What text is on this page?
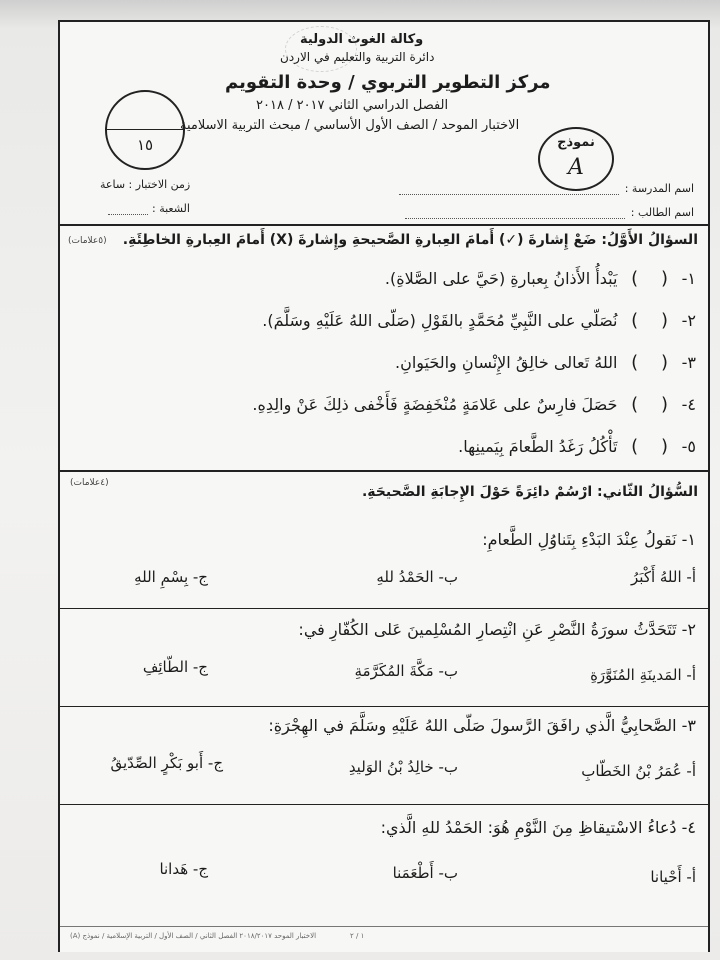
وكالة الغوث الدولية
دائرة التربية والتعليم في الاردن
مركز التطوير التربوي / وحدة التقويم
الفصل الدراسي الثاني ٢٠١٧ / ٢٠١٨
الاختبار الموحد / الصف الأول الأساسي / مبحث التربية الاسلامية
١٥	نموذج
A
اسم المدرسة :
اسم الطالب :
زمن الاختبار : ساعة
الشعبة :
السؤالُ الأَوَّلُ: ضَعْ إِشارةَ (✓) أَمامَ العِبارةِ الصَّحيحةِ وإِشارةَ (X) أَمامَ العِبارةِ الخاطِئَةِ.
(٥علامات)
١- (    ) يَبْدأُ الأَذانُ بِعبارةِ (حَيَّ على الصَّلاةِ).
٢- (    ) نُصَلّي على النَّبِيِّ مُحَمَّدٍ بالقَوْلِ (صَلّى اللهُ عَلَيْهِ وسَلَّمَ).
٣- (    ) اللهُ تَعالى خالِقُ الإِنْسانِ والحَيَوانِ.
٤- (    ) حَصَلَ فارِسٌ على عَلامَةٍ مُنْخَفِضَةٍ فَأَخْفى ذلِكَ عَنْ والِدِهِ.
٥- (    ) تَأْكُلُ رَغَدُ الطَّعامَ بِيَمينِها.
السُّؤالُ الثّاني: ارْسُمْ دائِرَةً حَوْلَ الإِجابَةِ الصَّحيحَةِ.
(٤علامات)
١- نَقولُ عِنْدَ البَدْءِ بِتَناوُلِ الطَّعامِ:
أ- اللهُ أَكْبَرُ
ب- الحَمْدُ للهِ
ج- بِسْمِ اللهِ
٢- تَتَحَدَّثُ سورَةُ النَّصْرِ عَنِ انْتِصارِ المُسْلِمينَ عَلى الكُفّارِ في:
أ- المَدينَةِ المُنَوَّرَةِ
ب- مَكَّةَ المُكَرَّمَةِ
ج- الطّائِفِ
٣- الصَّحابِيُّ الَّذي رافَقَ الرَّسولَ صَلّى اللهُ عَلَيْهِ وسَلَّمَ في الهِجْرَةِ:
أ- عُمَرُ بْنُ الخَطّابِ
ب- خالِدُ بْنُ الوَليدِ
ج- أَبو بَكْرٍ الصِّدّيقُ
٤- دُعاءُ الاسْتيقاظِ مِنَ النَّوْمِ هُوَ: الحَمْدُ للهِ الَّذي:
أ- أَحْيانا
ب- أَطْعَمَنا
ج- هَدانا
١ / ٢
الاختبار الموحد ٢٠١٨/٢٠١٧ الفصل الثاني / الصف الأول / التربية الإسلامية / نموذج (A)
